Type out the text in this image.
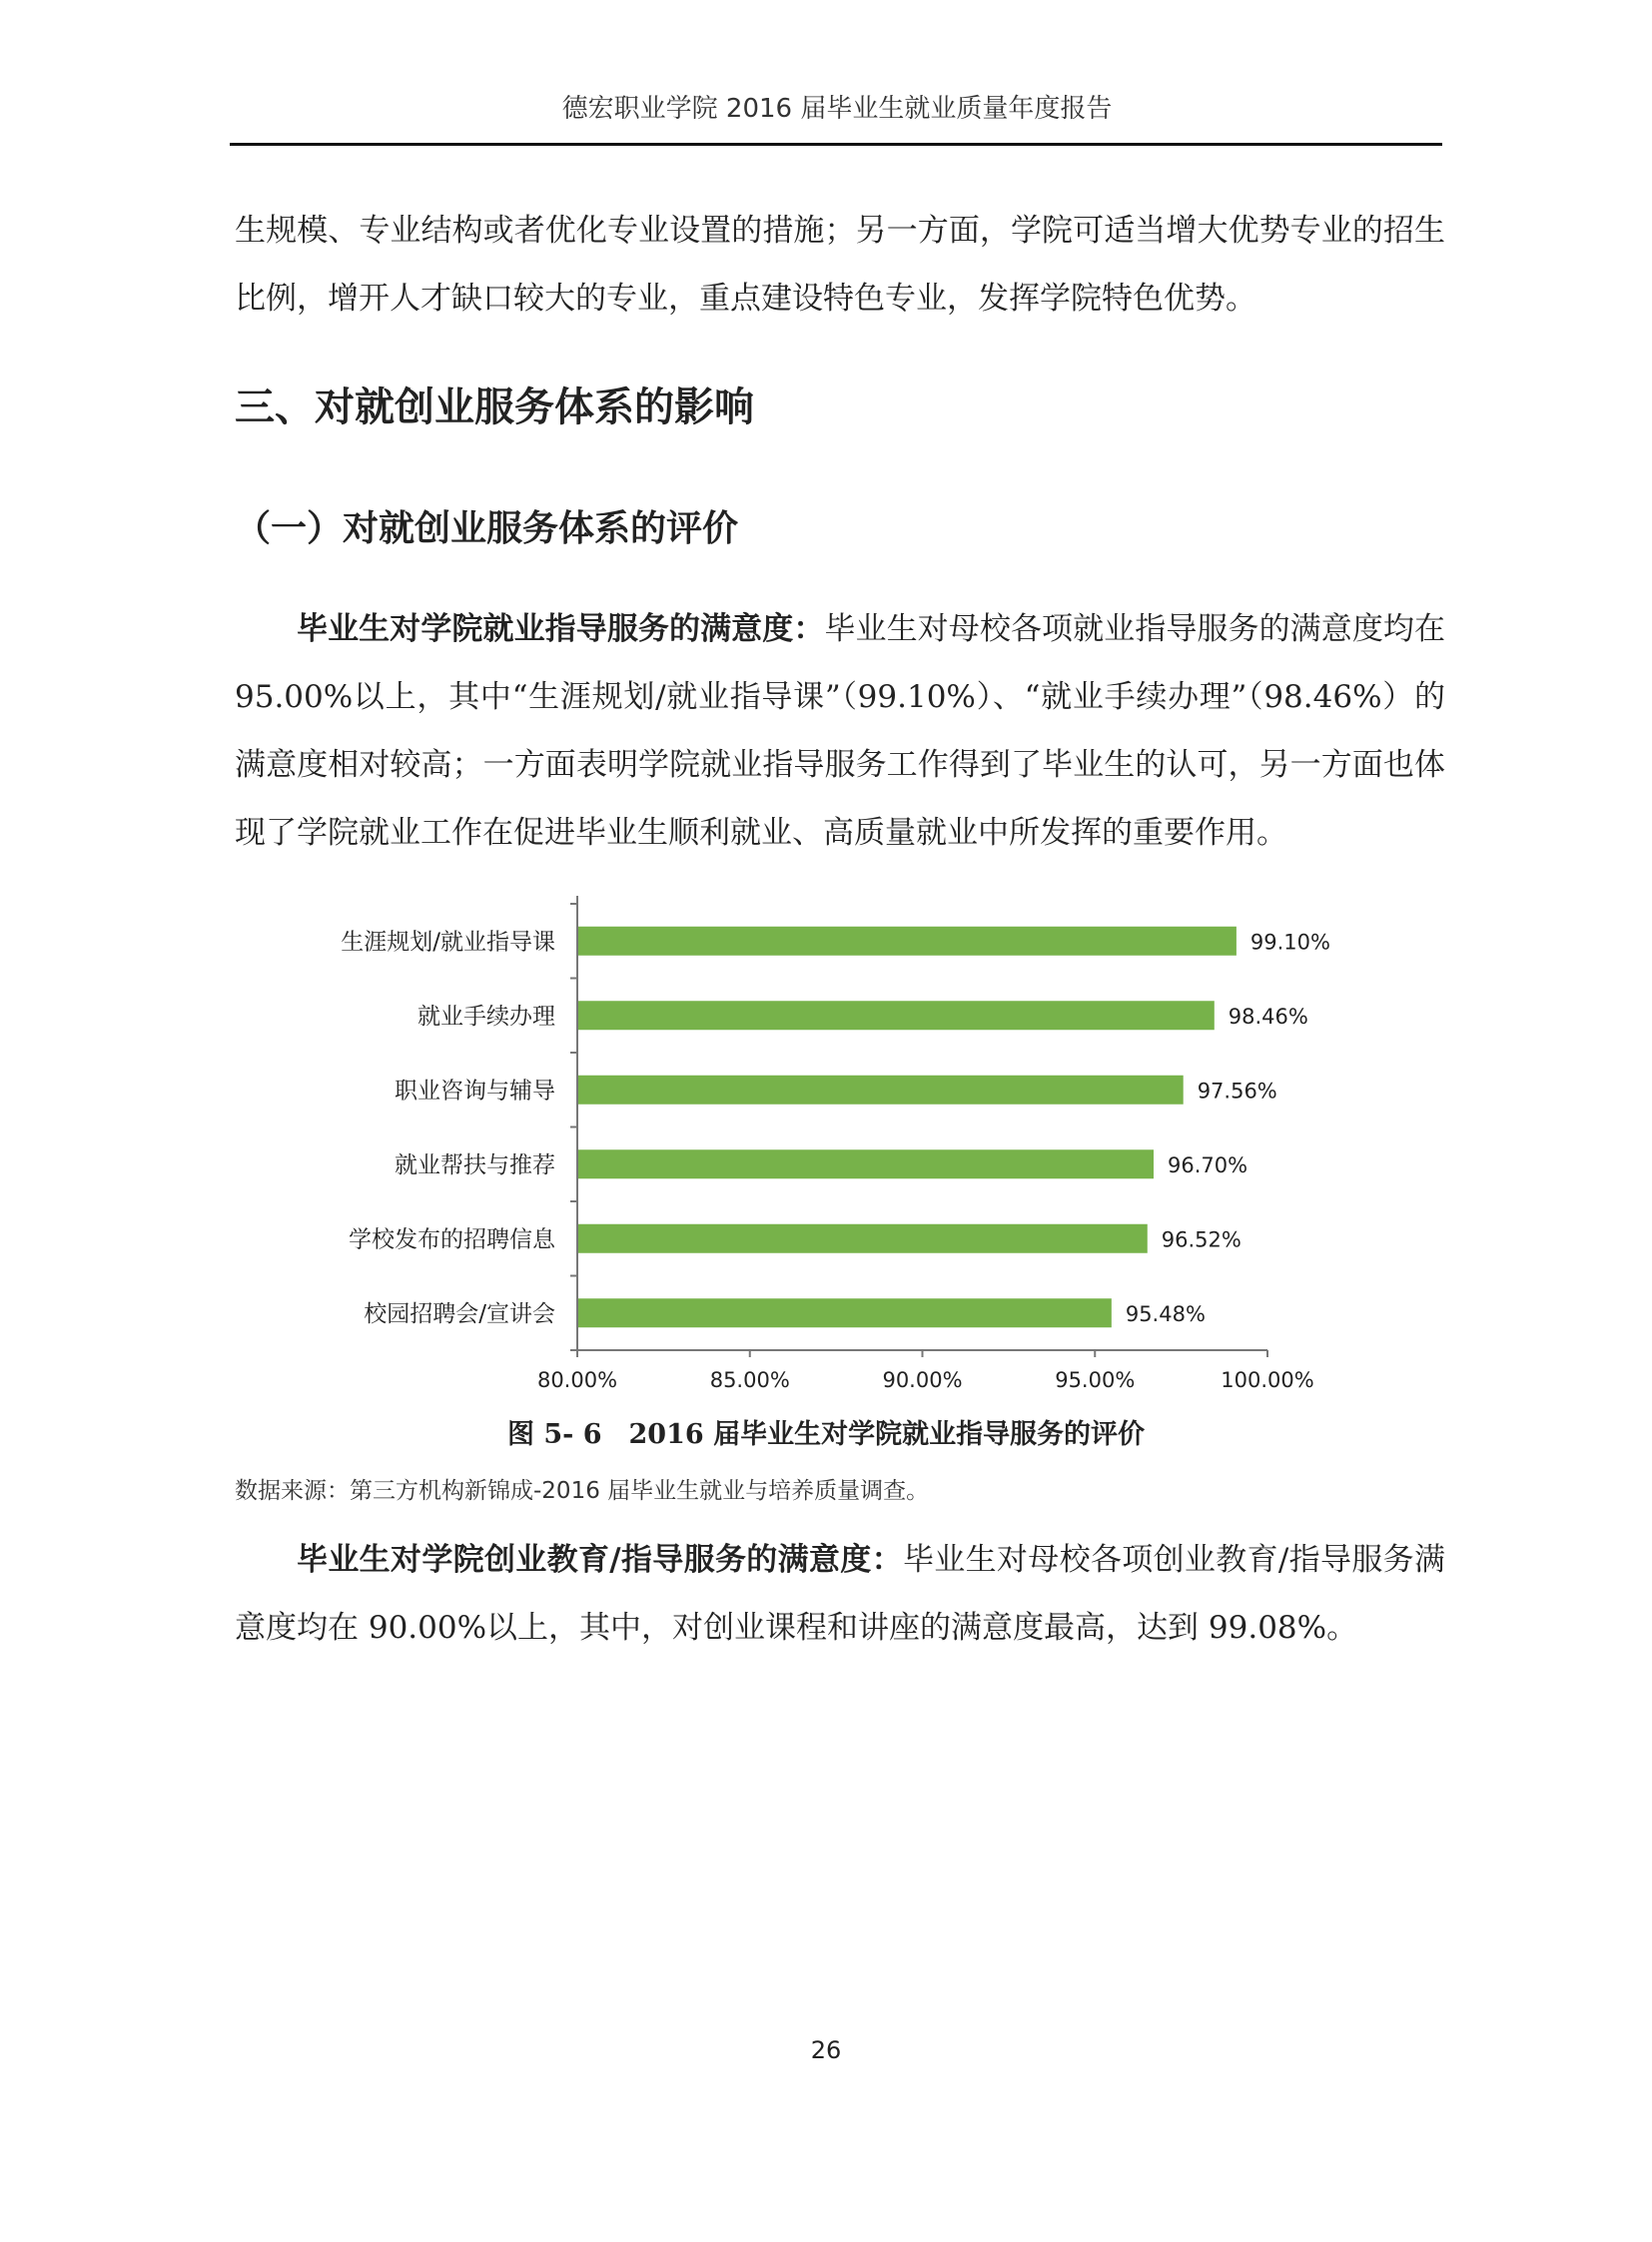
德宏职业学院 2016 届毕业生就业质量年度报告

生规模、专业结构或者优化专业设置的措施；另一方面，学院可适当增大优势专业的招生比例，增开人才缺口较大的专业，重点建设特色专业，发挥学院特色优势。

三、对就创业服务体系的影响
（一）对就创业服务体系的评价

毕业生对学院就业指导服务的满意度：毕业生对母校各项就业指导服务的满意度均在 95.00%以上，其中“生涯规划/就业指导课”（99.10%）、“就业手续办理”（98.46%）的满意度相对较高；一方面表明学院就业指导服务工作得到了毕业生的认可，另一方面也体现了学院就业工作在促进毕业生顺利就业、高质量就业中所发挥的重要作用。

80.00%	85.00%	90.00%	95.00%	100.00%
生涯规划/就业指导课	99.10%
就业手续办理	98.46%
职业咨询与辅导	97.56%
就业帮扶与推荐	96.70%
学校发布的招聘信息	96.52%
校园招聘会/宣讲会	95.48%
图 5- 6　2016 届毕业生对学院就业指导服务的评价
数据来源：第三方机构新锦成-2016 届毕业生就业与培养质量调查。

毕业生对学院创业教育/指导服务的满意度：毕业生对母校各项创业教育/指导服务满意度均在 90.00%以上，其中，对创业课程和讲座的满意度最高，达到 99.08%。

26
